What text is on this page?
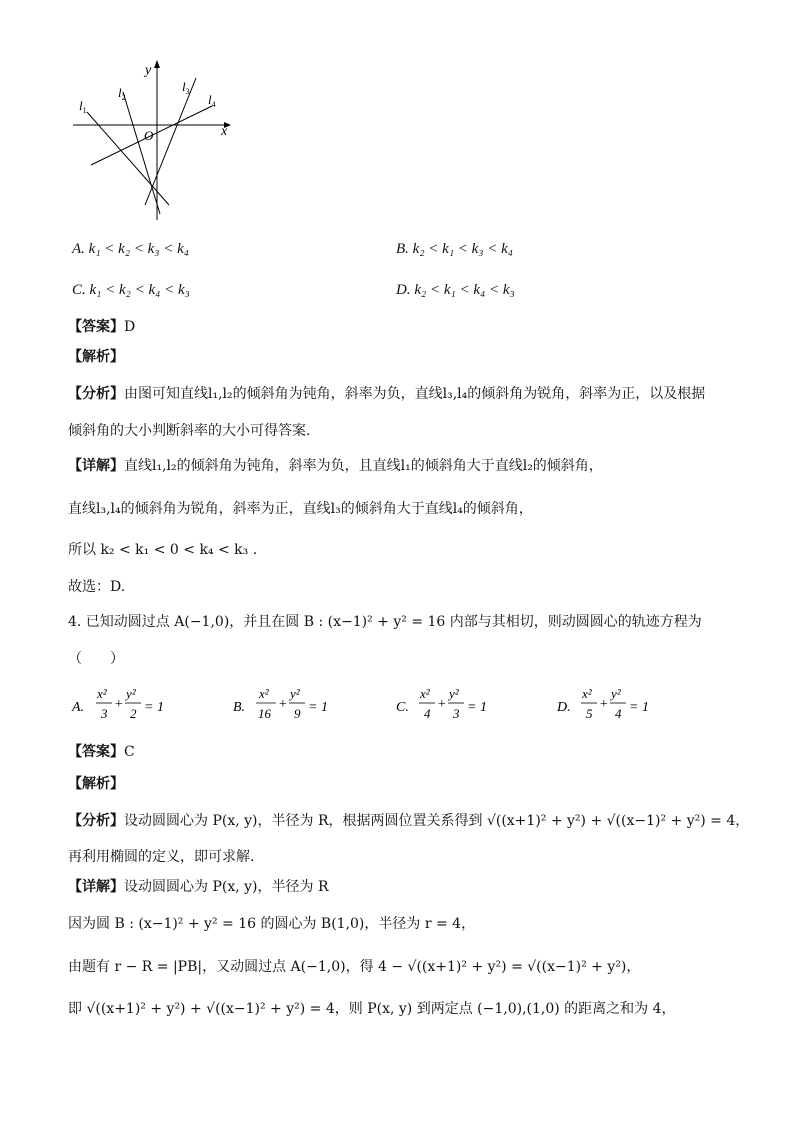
y
x
O
$l_1$
$l_2$
$l_3$
$l_4$
A. k₁ < k₂ < k₃ < k₄	B. k₂ < k₁ < k₃ < k₄
C. k₁ < k₂ < k₄ < k₃	D. k₂ < k₁ < k₄ < k₃
【答案】D
【解析】
【分析】由图可知直线l₁,l₂的倾斜角为钝角，斜率为负，直线l₃,l₄的倾斜角为锐角，斜率为正，以及根据
倾斜角的大小判断斜率的大小可得答案.
【详解】直线l₁,l₂的倾斜角为钝角，斜率为负，且直线l₁的倾斜角大于直线l₂的倾斜角，
直线l₃,l₄的倾斜角为锐角，斜率为正，直线l₃的倾斜角大于直线l₄的倾斜角，
所以 k₂ < k₁ < 0 < k₄ < k₃ .
故选：D.
4. 已知动圆过点 A(−1,0)，并且在圆 B : (x−1)² + y² = 16 内部与其相切，则动圆圆心的轨迹方程为
（　　）
A.
x²
3
+
y²
2 = 1	B.
x²
16
+
y²
9 = 1	C.
x²
4
+
y²
3 = 1	D.
x²
5
+
y²
4 = 1
【答案】C
【解析】
【分析】设动圆圆心为 P(x, y)，半径为 R，根据两圆位置关系得到 √((x+1)² + y²) + √((x−1)² + y²) = 4，
再利用椭圆的定义，即可求解.
【详解】设动圆圆心为 P(x, y)，半径为 R
因为圆 B : (x−1)² + y² = 16 的圆心为 B(1,0)，半径为 r = 4，
由题有 r − R = |PB|，又动圆过点 A(−1,0)，得 4 − √((x+1)² + y²) = √((x−1)² + y²)，
即 √((x+1)² + y²) + √((x−1)² + y²) = 4，则 P(x, y) 到两定点 (−1,0),(1,0) 的距离之和为 4，
